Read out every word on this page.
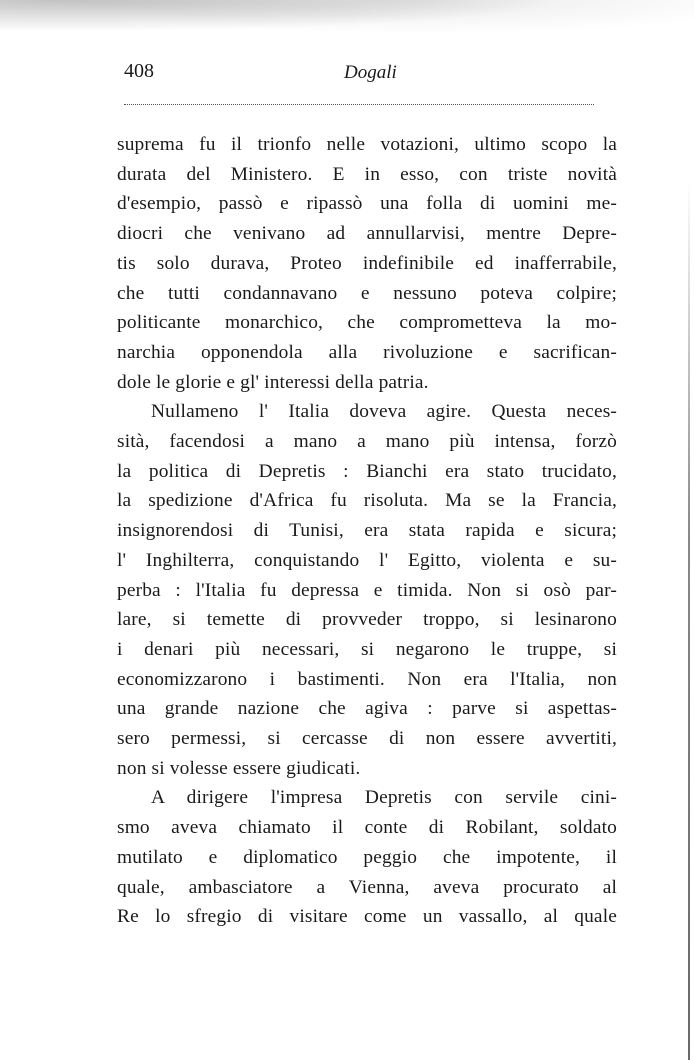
408	Dogali
suprema fu il trionfo nelle votazioni, ultimo scopo la
durata del Ministero. E in esso, con triste novità
d'esempio, passò e ripassò una folla di uomini me-
diocri che venivano ad annullarvisi, mentre Depre-
tis solo durava, Proteo indefinibile ed inafferrabile,
che tutti condannavano e nessuno poteva colpire;
politicante monarchico, che comprometteva la mo-
narchia opponendola alla rivoluzione e sacrifican-
dole le glorie e gl' interessi della patria.
Nullameno l' Italia doveva agire. Questa neces-
sità, facendosi a mano a mano più intensa, forzò
la politica di Depretis : Bianchi era stato trucidato,
la spedizione d'Africa fu risoluta. Ma se la Francia,
insignorendosi di Tunisi, era stata rapida e sicura;
l' Inghilterra, conquistando l' Egitto, violenta e su-
perba : l'Italia fu depressa e timida. Non si osò par-
lare, si temette di provveder troppo, si lesinarono
i denari più necessari, si negarono le truppe, si
economizzarono i bastimenti. Non era l'Italia, non
una grande nazione che agiva : parve si aspettas-
sero permessi, si cercasse di non essere avvertiti,
non si volesse essere giudicati.
A dirigere l'impresa Depretis con servile cini-
smo aveva chiamato il conte di Robilant, soldato
mutilato e diplomatico peggio che impotente, il
quale, ambasciatore a Vienna, aveva procurato al
Re lo sfregio di visitare come un vassallo, al quale
